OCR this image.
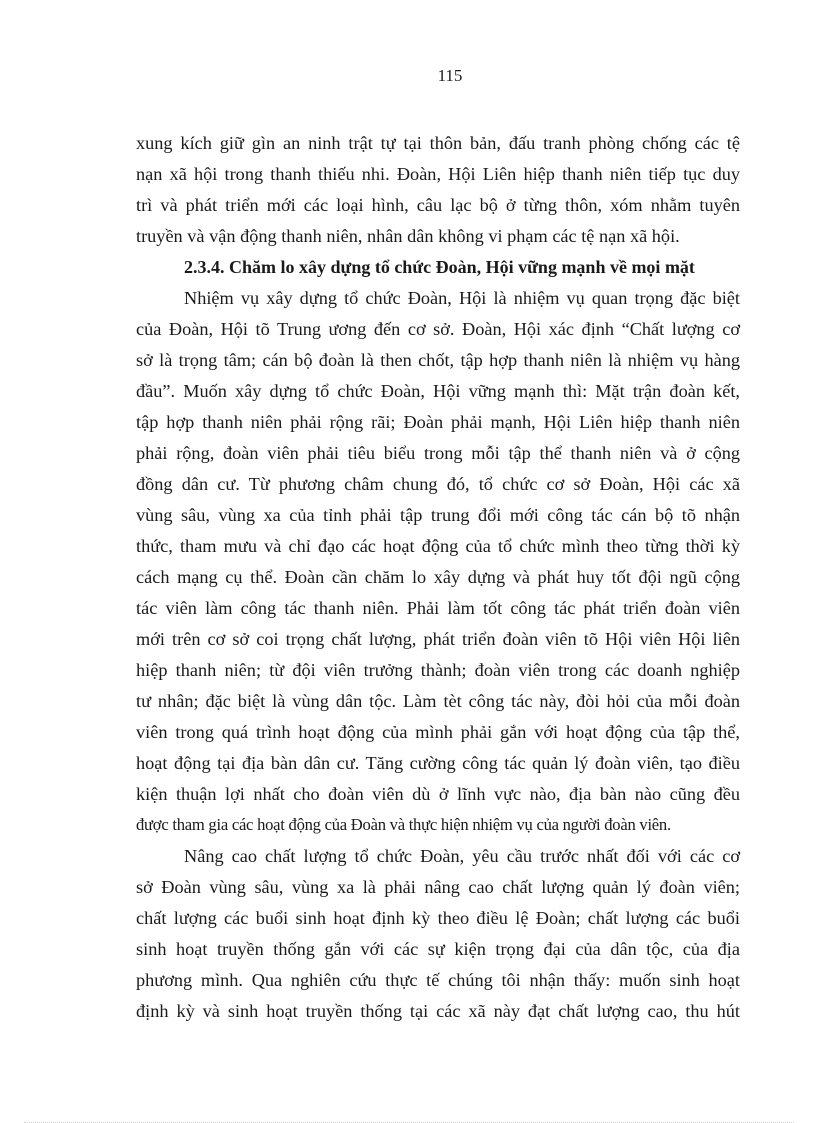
115
xung kích giữ gìn an ninh trật tự tại thôn bản, đấu tranh phòng chống các tệ
nạn xã hội trong thanh thiếu nhi. Đoàn, Hội Liên hiệp thanh niên tiếp tục duy
trì và phát triển mới các loại hình, câu lạc bộ ở từng thôn, xóm nhằm tuyên
truyền và vận động thanh niên, nhân dân không vi phạm các tệ nạn xã hội.
2.3.4. Chăm lo xây dựng tổ chức Đoàn, Hội vững mạnh về mọi mặt
Nhiệm vụ xây dựng tổ chức Đoàn, Hội là nhiệm vụ quan trọng đặc biệt
của Đoàn, Hội tõ Trung ương đến cơ sở. Đoàn, Hội xác định “Chất lượng cơ
sở là trọng tâm; cán bộ đoàn là then chốt, tập hợp thanh niên là nhiệm vụ hàng
đầu”. Muốn xây dựng tổ chức Đoàn, Hội vững mạnh thì: Mặt trận đoàn kết,
tập hợp thanh niên phải rộng rãi; Đoàn phải mạnh, Hội Liên hiệp thanh niên
phải rộng, đoàn viên phải tiêu biểu trong mỗi tập thể thanh niên và ở cộng
đồng dân cư. Từ phương châm chung đó, tổ chức cơ sở Đoàn, Hội các xã
vùng sâu, vùng xa của tỉnh phải tập trung đổi mới công tác cán bộ tõ nhận
thức, tham mưu và chỉ đạo các hoạt động của tổ chức mình theo từng thời kỳ
cách mạng cụ thể. Đoàn cần chăm lo xây dựng và phát huy tốt đội ngũ cộng
tác viên làm công tác thanh niên. Phải làm tốt công tác phát triển đoàn viên
mới trên cơ sở coi trọng chất lượng, phát triển đoàn viên tõ Hội viên Hội liên
hiệp thanh niên; từ đội viên trưởng thành; đoàn viên trong các doanh nghiệp
tư nhân; đặc biệt là vùng dân tộc. Làm tèt công tác này, đòi hỏi của mỗi đoàn
viên trong quá trình hoạt động của mình phải gắn với hoạt động của tập thể,
hoạt động tại địa bàn dân cư. Tăng cường công tác quản lý đoàn viên, tạo điều
kiện thuận lợi nhất cho đoàn viên dù ở lĩnh vực nào, địa bàn nào cũng đều
được tham gia các hoạt động của Đoàn và thực hiện nhiệm vụ của người đoàn viên.
Nâng cao chất lượng tổ chức Đoàn, yêu cầu trước nhất đối với các cơ
sở Đoàn vùng sâu, vùng xa là phải nâng cao chất lượng quản lý đoàn viên;
chất lượng các buổi sinh hoạt định kỳ theo điều lệ Đoàn; chất lượng các buổi
sinh hoạt truyền thống gắn với các sự kiện trọng đại của dân tộc, của địa
phương mình. Qua nghiên cứu thực tế chúng tôi nhận thấy: muốn sinh hoạt
định kỳ và sinh hoạt truyền thống tại các xã này đạt chất lượng cao, thu hút
